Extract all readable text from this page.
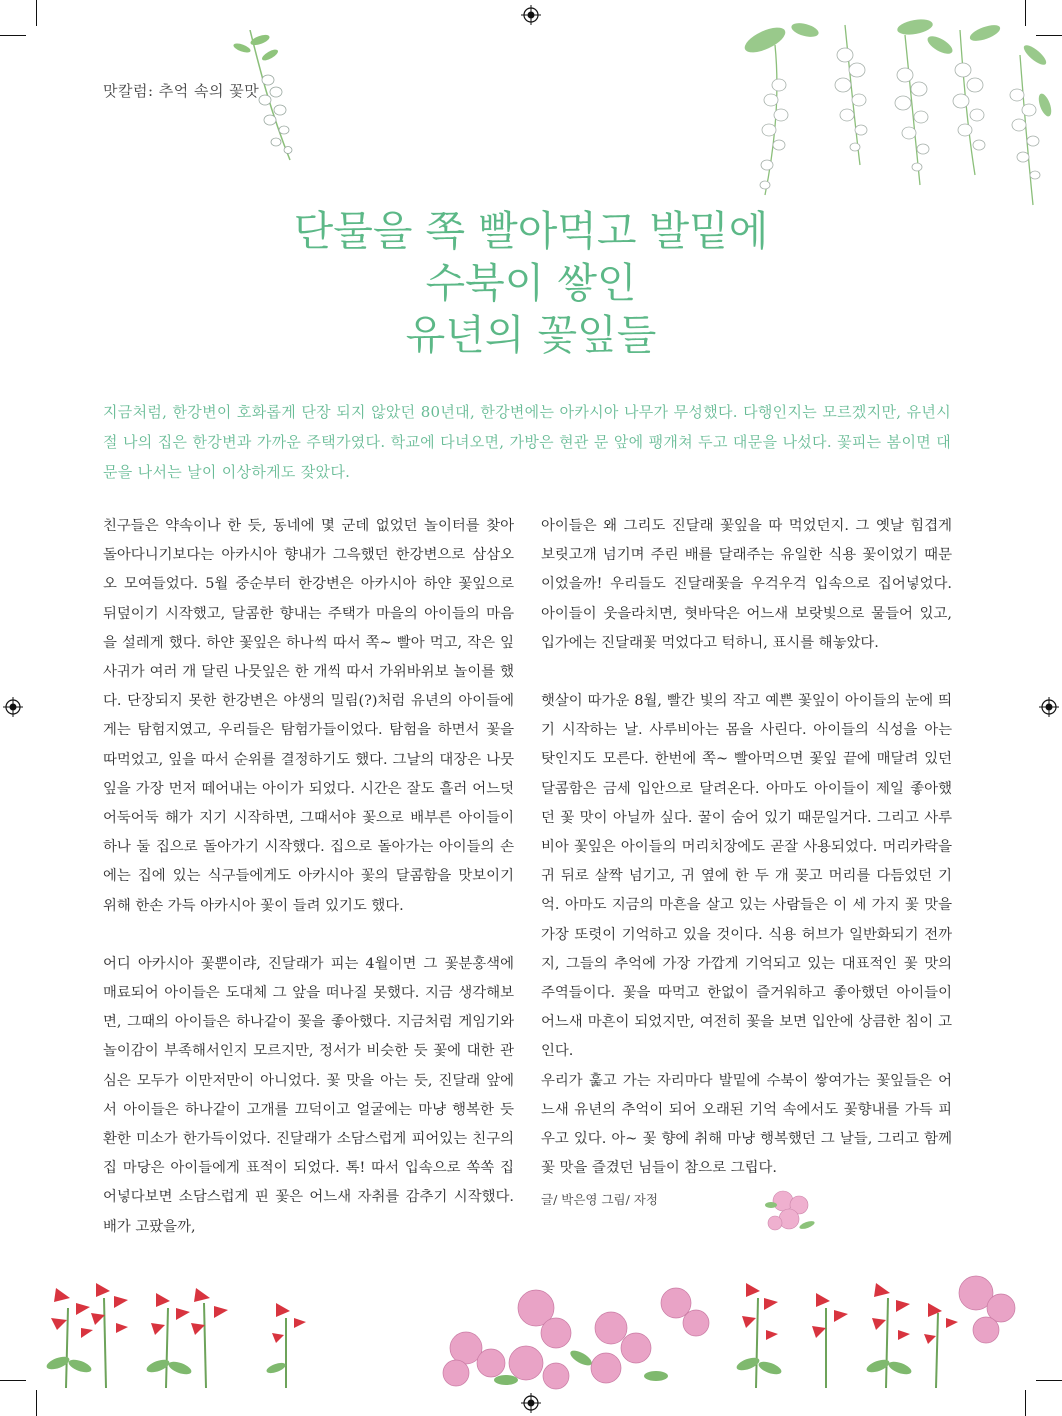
맛칼럼: 추억 속의 꽃맛
단물을 쪽 빨아먹고 발밑에
수북이 쌓인
유년의 꽃잎들
지금처럼, 한강변이 호화롭게 단장 되지 않았던 80년대, 한강변에는 아카시아 나무가 무성했다. 다행인지는 모르겠지만, 유년시절 나의 집은 한강변과 가까운 주택가였다. 학교에 다녀오면, 가방은 현관 문 앞에 팽개쳐 두고 대문을 나섰다. 꽃피는 봄이면 대문을 나서는 날이 이상하게도 잦았다.

친구들은 약속이나 한 듯, 동네에 몇 군데 없었던 놀이터를 찾아 돌아다니기보다는 아카시아 향내가 그윽했던 한강변으로 삼삼오오 모여들었다. 5월 중순부터 한강변은 아카시아 하얀 꽃잎으로 뒤덮이기 시작했고, 달콤한 향내는 주택가 마을의 아이들의 마음을 설레게 했다. 하얀 꽃잎은 하나씩 따서 쪽~ 빨아 먹고, 작은 잎사귀가 여러 개 달린 나뭇잎은 한 개씩 따서 가위바위보 놀이를 했다. 단장되지 못한 한강변은 야생의 밀림(?)처럼 유년의 아이들에게는 탐험지였고, 우리들은 탐험가들이었다. 탐험을 하면서 꽃을 따먹었고, 잎을 따서 순위를 결정하기도 했다. 그날의 대장은 나뭇잎을 가장 먼저 떼어내는 아이가 되었다. 시간은 잘도 흘러 어느덧 어둑어둑 해가 지기 시작하면, 그때서야 꽃으로 배부른 아이들이 하나 둘 집으로 돌아가기 시작했다. 집으로 돌아가는 아이들의 손에는 집에 있는 식구들에게도 아카시아 꽃의 달콤함을 맛보이기 위해 한손 가득 아카시아 꽃이 들려 있기도 했다.

어디 아카시아 꽃뿐이랴, 진달래가 피는 4월이면 그 꽃분홍색에 매료되어 아이들은 도대체 그 앞을 떠나질 못했다. 지금 생각해보면, 그때의 아이들은 하나같이 꽃을 좋아했다. 지금처럼 게임기와 놀이감이 부족해서인지 모르지만, 정서가 비슷한 듯 꽃에 대한 관심은 모두가 이만저만이 아니었다. 꽃 맛을 아는 듯, 진달래 앞에서 아이들은 하나같이 고개를 끄덕이고 얼굴에는 마냥 행복한 듯 환한 미소가 한가득이었다. 진달래가 소담스럽게 피어있는 친구의 집 마당은 아이들에게 표적이 되었다. 톡! 따서 입속으로 쏙쏙 집어넣다보면 소담스럽게 핀 꽃은 어느새 자취를 감추기 시작했다. 배가 고팠을까,

아이들은 왜 그리도 진달래 꽃잎을 따 먹었던지. 그 옛날 힘겹게 보릿고개 넘기며 주린 배를 달래주는 유일한 식용 꽃이었기 때문이었을까! 우리들도 진달래꽃을 우걱우걱 입속으로 집어넣었다. 아이들이 웃을라치면, 혓바닥은 어느새 보랏빛으로 물들어 있고, 입가에는 진달래꽃 먹었다고 턱하니, 표시를 해놓았다.

햇살이 따가운 8월, 빨간 빛의 작고 예쁜 꽃잎이 아이들의 눈에 띄기 시작하는 날. 사루비아는 몸을 사린다. 아이들의 식성을 아는 탓인지도 모른다. 한번에 쪽~ 빨아먹으면 꽃잎 끝에 매달려 있던 달콤함은 금세 입안으로 달려온다. 아마도 아이들이 제일 좋아했던 꽃 맛이 아닐까 싶다. 꿀이 숨어 있기 때문일거다. 그리고 사루비아 꽃잎은 아이들의 머리치장에도 곧잘 사용되었다. 머리카락을 귀 뒤로 살짝 넘기고, 귀 옆에 한 두 개 꽂고 머리를 다듬었던 기억. 아마도 지금의 마흔을 살고 있는 사람들은 이 세 가지 꽃 맛을 가장 또렷이 기억하고 있을 것이다. 식용 허브가 일반화되기 전까지, 그들의 추억에 가장 가깝게 기억되고 있는 대표적인 꽃 맛의 주역들이다. 꽃을 따먹고 한없이 즐거워하고 좋아했던 아이들이 어느새 마흔이 되었지만, 여전히 꽃을 보면 입안에 상큼한 침이 고인다.

우리가 훑고 가는 자리마다 발밑에 수북이 쌓여가는 꽃잎들은 어느새 유년의 추억이 되어 오래된 기억 속에서도 꽃향내를 가득 피우고 있다. 아~ 꽃 향에 취해 마냥 행복했던 그 날들, 그리고 함께 꽃 맛을 즐겼던 님들이 참으로 그립다.

글/ 박은영 그림/ 자정
